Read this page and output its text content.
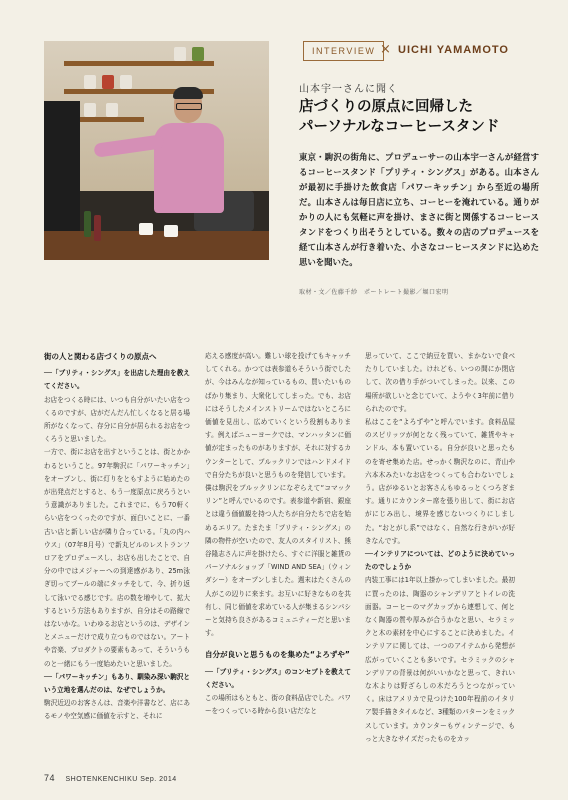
INTERVIEW × UICHI YAMAMOTO
山本宇一さんに聞く
店づくりの原点に回帰した
パーソナルなコーヒースタンド
東京・駒沢の街角に、プロデューサーの山本宇一さんが経営するコーヒースタンド「プリティ・シングス」がある。山本さんが最初に手掛けた飲食店「パワーキッチン」から至近の場所だ。山本さんは毎日店に立ち、コーヒーを淹れている。通りがかりの人にも気軽に声を掛け、まさに街と関係するコーヒースタンドをつくり出そうとしている。数々の店のプロデュースを経て山本さんが行き着いた、小さなコーヒースタンドに込めた思いを聞いた。
取材・文／佐藤千紗　ポートレート撮影／堀口宏明

街の人と関わる店づくりの原点へ

──「プリティ・シングス」を出店した理由を教えてください。

お店をつくる時には、いつも自分がいたい店をつくるのですが、店がだんだん忙しくなると居る場所がなくなって、存分に自分が居られるお店をつくろうと思いました。

一方で、街にお店を出すということは、街とかかわるということ。97年駒沢に「パワーキッチン」をオープンし、街に灯りをともすように始めたのが出発点だとすると、もう一度原点に戻ろうという意識がありました。これまでに、もう70軒くらい店をつくったのですが、面白いことに、一番古い店と新しい店が隣り合っている。「丸の内ハウス」（07年8月号）で新丸ビルのレストランフロアをプロデュースし、お店も出したことで、自分の中ではメジャーへの到達感があり、25m泳ぎ切ってプールの端にタッチをして、今、折り返して泳いでる感じです。店の数を増やして、拡大するという方法もありますが、自分はその路線ではないかな。いわゆるお店というのは、デザインとメニューだけで成り立つものではない。アートや音楽、プロダクトの要素もあって、そういうものと一緒にもう一度始めたいと思いました。

──「パワーキッチン」もあり、馴染み深い駒沢という立地を選んだのは、なぜでしょうか。

駒沢近辺のお客さんは、音楽や洋書など、店にあるモノや空気感に価値を示すと、それに

応える感度が高い。難しい球を投げてもキャッチしてくれる。かつては表参道もそういう街でしたが、今はみんなが知っているもの、買いたいものばかり集まり、大衆化してしまった。でも、お店にはそうしたメインストリームではないところに価値を見出し、広めていくという役割もあります。例えばニューヨークでは、マンハッタンに価値が定まったものがありますが、それに対するカウンターとして、ブルックリンではハンドメイドで自分たちが良いと思うものを発信しています。

僕は駒沢をブルックリンになぞらえて“コマックリン”と呼んでいるのです。表参道や新宿、銀座とは違う価値観を持つ人たちが自分たちで店を始めるエリア。たまたま「プリティ・シングス」の隣の物件が空いたので、友人のスタイリスト、熊谷隆志さんに声を掛けたら、すぐに洋服と雑貨のパーソナルショップ「WIND AND SEA」（ウィンダシー）をオープンしました。週末はたくさんの人がこの辺りに来ます。お互いに好きなものを共有し、同じ価値を求めている人が集まるシンパシーと気持ち良さがあるコミュニティーだと思います。

自分が良いと思うものを集めた“よろずや”

──「プリティ・シングス」のコンセプトを教えてください。

この場所はもともと、街の食料品店でした。パワーをつくっている時から良い店だなと

思っていて、ここで納豆を買い、まかないで食べたりしていました。けれども、いつの間にか閉店して、次の借り手がついてしまった。以来、この場所が欲しいと念じていて、ようやく3年前に借りられたのです。

私はここを“よろずや”と呼んでいます。食料品屋のスピリッツが何となく残っていて、雑貨やキャンドル、本も置いている。自分が良いと思ったものを寄せ集めた店。せっかく駒沢なのに、青山や六本木みたいなお店をつくっても合わないでしょう。店がゆるいとお客さんもゆるっとくつろぎます。通りにカウンター席を張り出して、街にお店がにじみ出し、境界を感じないつくりにしました。“おとがし系”ではなく、自然な行きがいが好きなんです。

──インテリアについては、どのように決めていったのでしょうか

内装工事には1年以上掛かってしまいました。最初に買ったのは、陶器のシャンデリアとトイレの洗面器。コーヒーのマグカップから連想して、何となく陶器の質や厚みが合うかなと思い、セラミックと木の素材を中心にすることに決めました。インテリアに関しては、一つのアイテムから発想が広がっていくことも多いです。セラミックのシャンデリアの背景は何がいいかなと思って、きれいな木よりは野ざらしの木だろうとつながっていく。床はアメリカで見つけた100年程前のイタリア製手描きタイルなど、3種類のパターンをミックスしています。カウンターもヴィンテージで、もっと大きなサイズだったものをカッ

74 SHOTENKENCHIKU Sep. 2014
